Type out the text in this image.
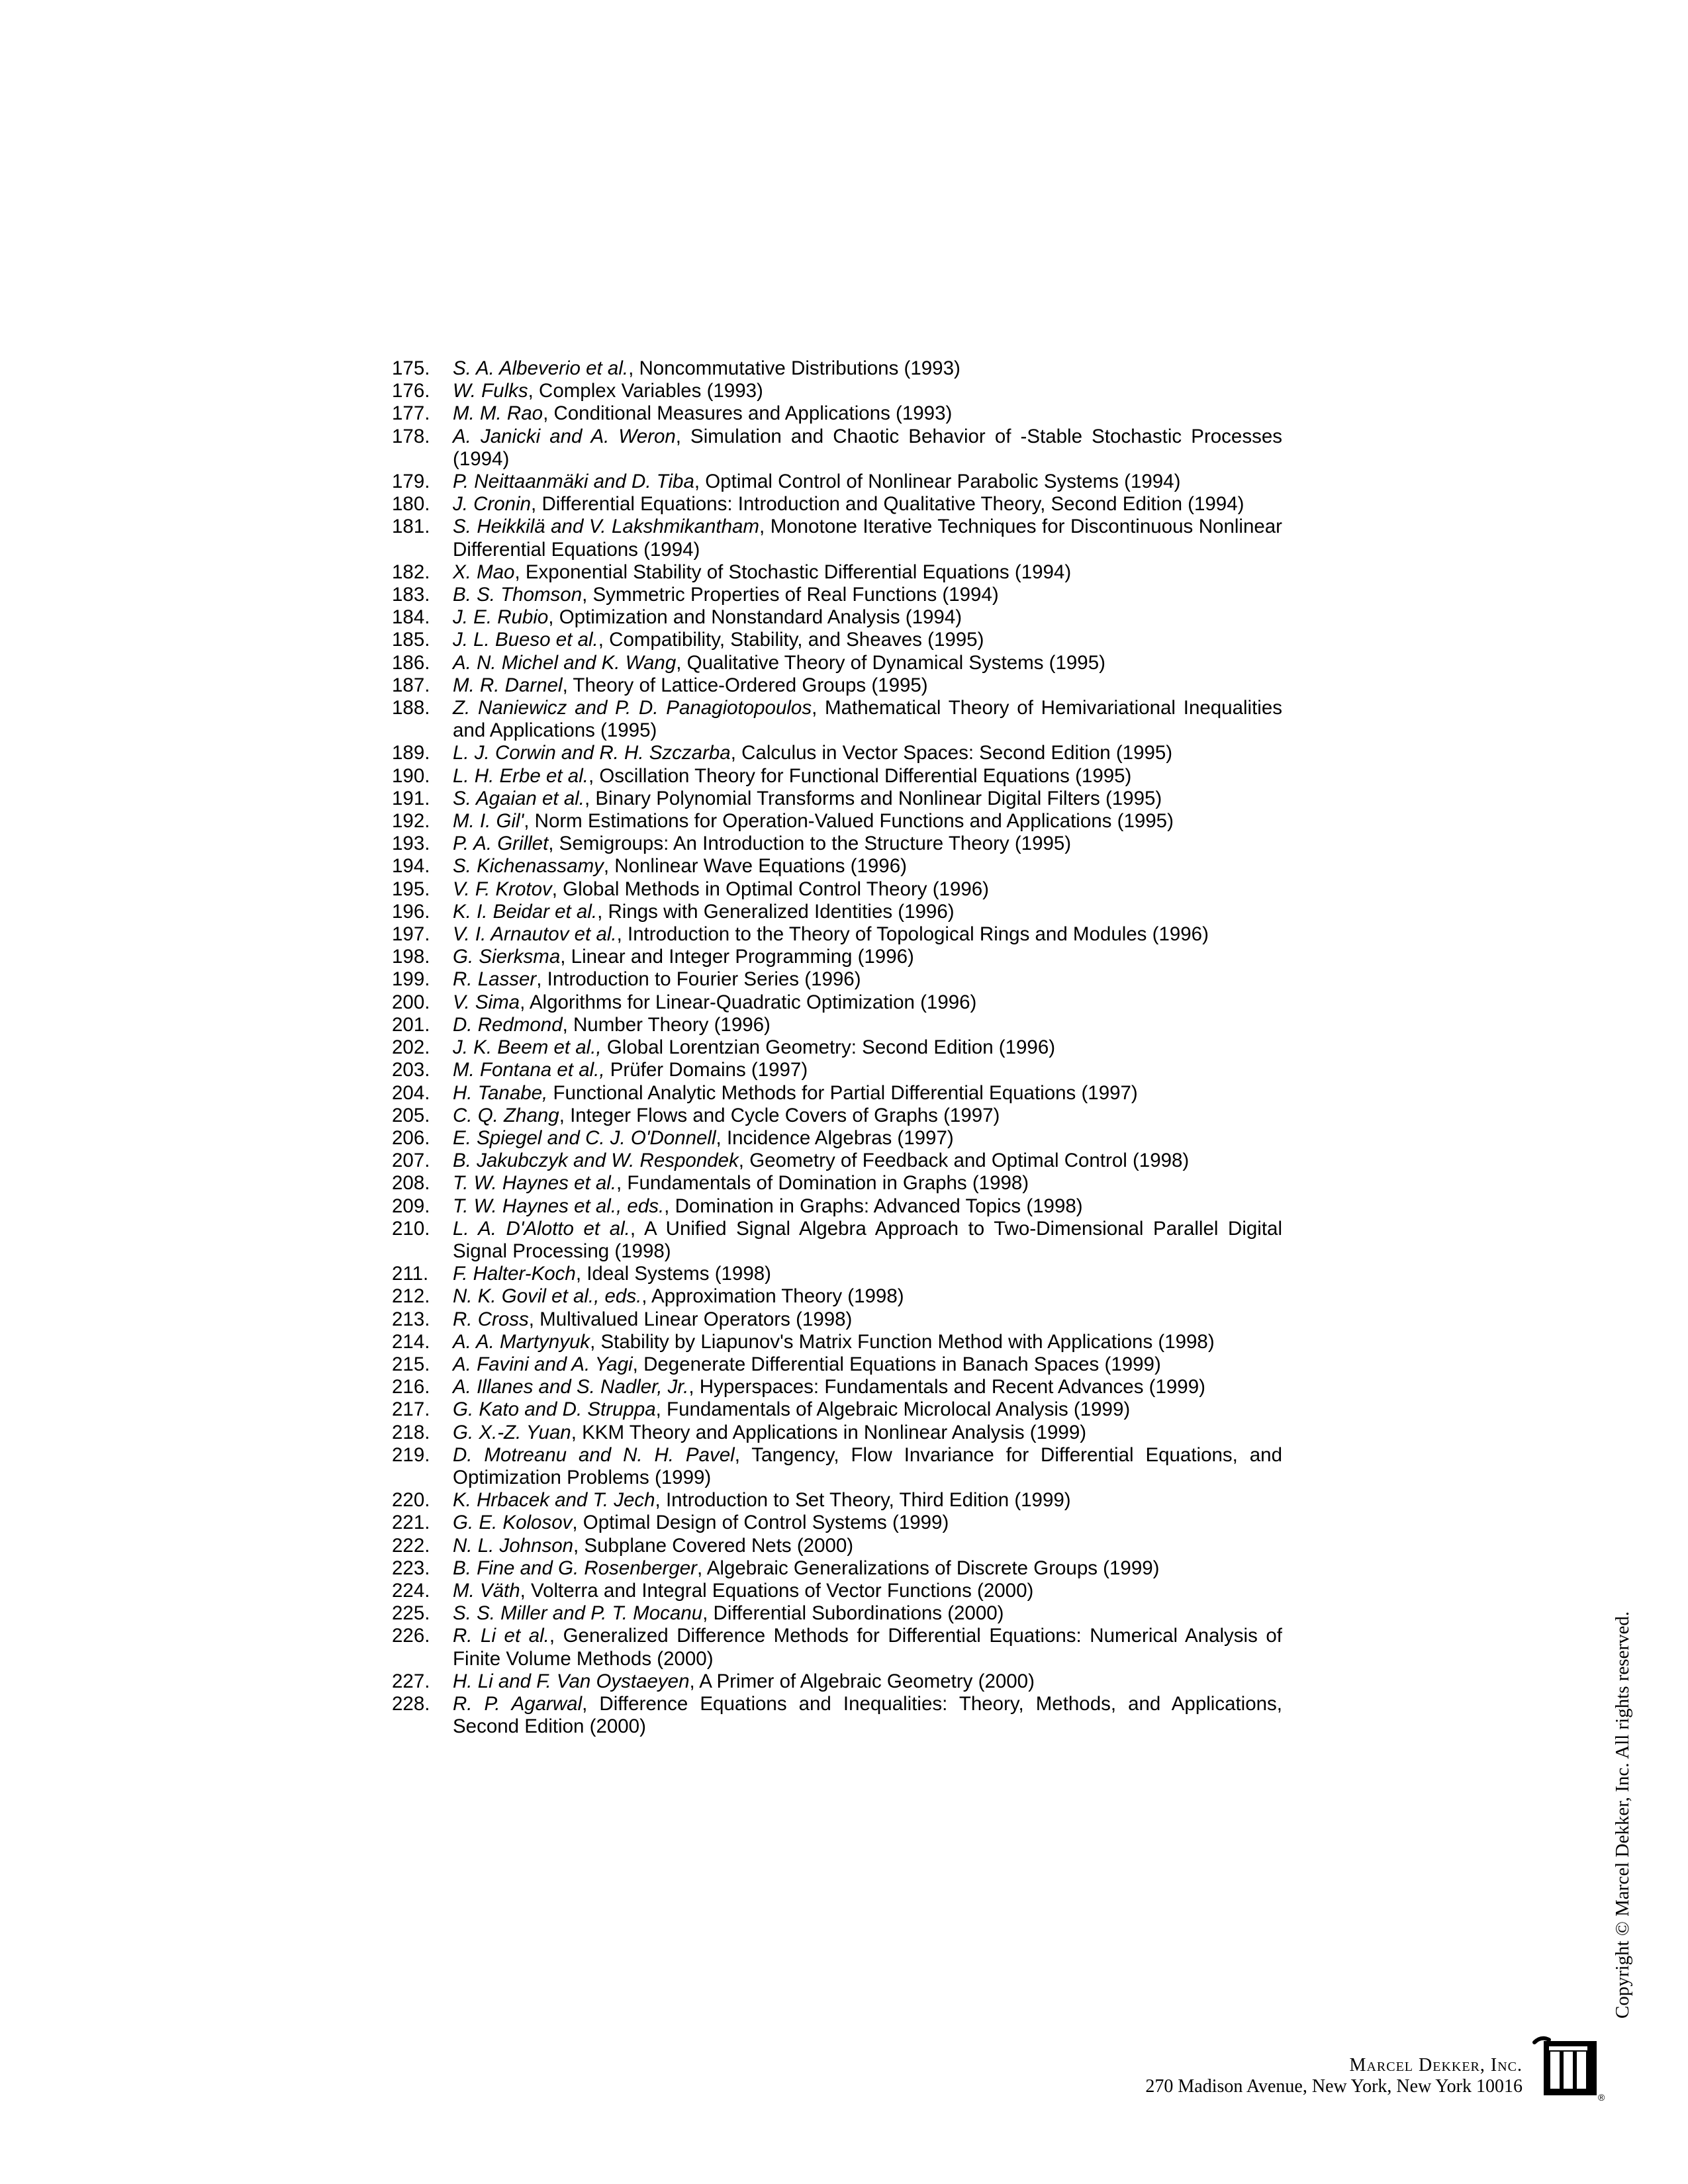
175.	S. A. Albeverio et al., Noncommutative Distributions (1993)
176.	W. Fulks, Complex Variables (1993)
177.	M. M. Rao, Conditional Measures and Applications (1993)
178.	A. Janicki and A. Weron, Simulation and Chaotic Behavior of -Stable Stochastic Processes (1994)
179.	P. Neittaanmäki and D. Tiba, Optimal Control of Nonlinear Parabolic Systems (1994)
180.	J. Cronin, Differential Equations: Introduction and Qualitative Theory, Second Edition (1994)
181.	S. Heikkilä and V. Lakshmikantham, Monotone Iterative Techniques for Discontinuous Nonlinear Differential Equations (1994)
182.	X. Mao, Exponential Stability of Stochastic Differential Equations (1994)
183.	B. S. Thomson, Symmetric Properties of Real Functions (1994)
184.	J. E. Rubio, Optimization and Nonstandard Analysis (1994)
185.	J. L. Bueso et al., Compatibility, Stability, and Sheaves (1995)
186.	A. N. Michel and K. Wang, Qualitative Theory of Dynamical Systems (1995)
187.	M. R. Darnel, Theory of Lattice-Ordered Groups (1995)
188.	Z. Naniewicz and P. D. Panagiotopoulos, Mathematical Theory of Hemivariational Inequalities and Applications (1995)
189.	L. J. Corwin and R. H. Szczarba, Calculus in Vector Spaces: Second Edition (1995)
190.	L. H. Erbe et al., Oscillation Theory for Functional Differential Equations (1995)
191.	S. Agaian et al., Binary Polynomial Transforms and Nonlinear Digital Filters (1995)
192.	M. I. Gil', Norm Estimations for Operation-Valued Functions and Applications (1995)
193.	P. A. Grillet, Semigroups: An Introduction to the Structure Theory (1995)
194.	S. Kichenassamy, Nonlinear Wave Equations (1996)
195.	V. F. Krotov, Global Methods in Optimal Control Theory (1996)
196.	K. I. Beidar et al., Rings with Generalized Identities (1996)
197.	V. I. Arnautov et al., Introduction to the Theory of Topological Rings and Modules (1996)
198.	G. Sierksma, Linear and Integer Programming (1996)
199.	R. Lasser, Introduction to Fourier Series (1996)
200.	V. Sima, Algorithms for Linear-Quadratic Optimization (1996)
201.	D. Redmond, Number Theory (1996)
202.	J. K. Beem et al., Global Lorentzian Geometry: Second Edition (1996)
203.	M. Fontana et al., Prüfer Domains (1997)
204.	H. Tanabe, Functional Analytic Methods for Partial Differential Equations (1997)
205.	C. Q. Zhang, Integer Flows and Cycle Covers of Graphs (1997)
206.	E. Spiegel and C. J. O'Donnell, Incidence Algebras (1997)
207.	B. Jakubczyk and W. Respondek, Geometry of Feedback and Optimal Control (1998)
208.	T. W. Haynes et al., Fundamentals of Domination in Graphs (1998)
209.	T. W. Haynes et al., eds., Domination in Graphs: Advanced Topics (1998)
210.	L. A. D'Alotto et al., A Unified Signal Algebra Approach to Two-Dimensional Parallel Digital Signal Processing (1998)
211.	F. Halter-Koch, Ideal Systems (1998)
212.	N. K. Govil et al., eds., Approximation Theory (1998)
213.	R. Cross, Multivalued Linear Operators (1998)
214.	A. A. Martynyuk, Stability by Liapunov's Matrix Function Method with Applications (1998)
215.	A. Favini and A. Yagi, Degenerate Differential Equations in Banach Spaces (1999)
216.	A. Illanes and S. Nadler, Jr., Hyperspaces: Fundamentals and Recent Advances (1999)
217.	G. Kato and D. Struppa, Fundamentals of Algebraic Microlocal Analysis (1999)
218.	G. X.-Z. Yuan, KKM Theory and Applications in Nonlinear Analysis (1999)
219.	D. Motreanu and N. H. Pavel, Tangency, Flow Invariance for Differential Equations, and Optimization Problems (1999)
220.	K. Hrbacek and T. Jech, Introduction to Set Theory, Third Edition (1999)
221.	G. E. Kolosov, Optimal Design of Control Systems (1999)
222.	N. L. Johnson, Subplane Covered Nets (2000)
223.	B. Fine and G. Rosenberger, Algebraic Generalizations of Discrete Groups (1999)
224.	M. Väth, Volterra and Integral Equations of Vector Functions (2000)
225.	S. S. Miller and P. T. Mocanu, Differential Subordinations (2000)
226.	R. Li et al., Generalized Difference Methods for Differential Equations: Numerical Analysis of Finite Volume Methods (2000)
227.	H. Li and F. Van Oystaeyen, A Primer of Algebraic Geometry (2000)
228.	R. P. Agarwal, Difference Equations and Inequalities: Theory, Methods, and Applications, Second Edition (2000)	Copyright © Marcel Dekker, Inc. All rights reserved.
®
Marcel Dekker, Inc.
270 Madison Avenue, New York, New York 10016
